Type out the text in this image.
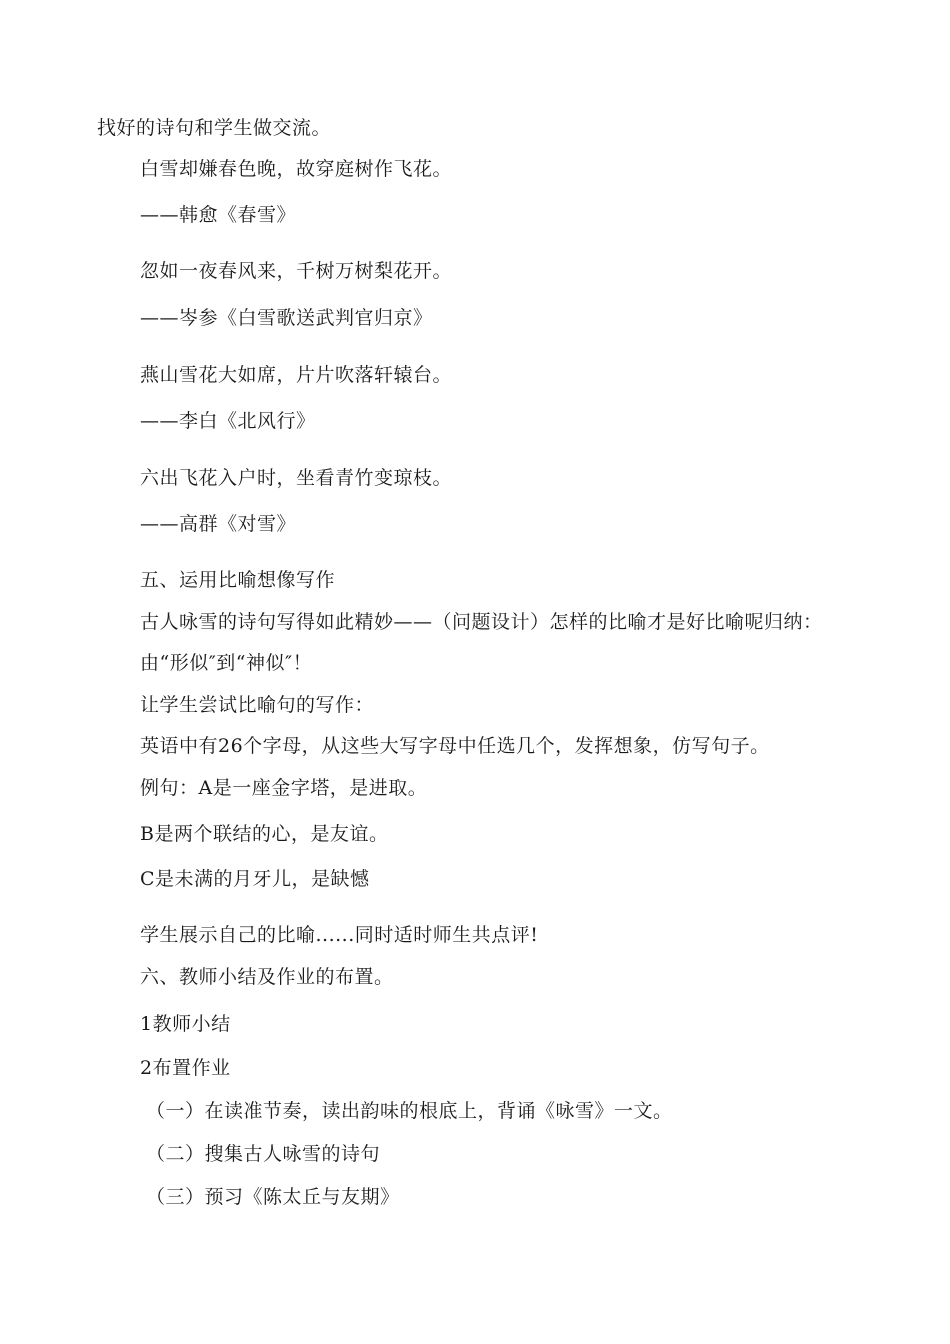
找好的诗句和学生做交流。
白雪却嫌春色晚，故穿庭树作飞花。
——韩愈《春雪》
忽如一夜春风来，千树万树梨花开。
——岑参《白雪歌送武判官归京》
燕山雪花大如席，片片吹落轩辕台。
——李白《北风行》
六出飞花入户时，坐看青竹变琼枝。
——高群《对雪》
五、运用比喻想像写作
古人咏雪的诗句写得如此精妙——（问题设计）怎样的比喻才是好比喻呢归纳：
由“形似″到“神似″！
让学生尝试比喻句的写作：
英语中有26个字母，从这些大写字母中任选几个，发挥想象，仿写句子。
例句：A是一座金字塔，是进取。
B是两个联结的心，是友谊。
C是未满的月牙儿，是缺憾
学生展示自己的比喻......同时适时师生共点评!
六、教师小结及作业的布置。
1教师小结
2布置作业
（一）在读准节奏，读出韵味的根底上，背诵《咏雪》一文。
（二）搜集古人咏雪的诗句
（三）预习《陈太丘与友期》
